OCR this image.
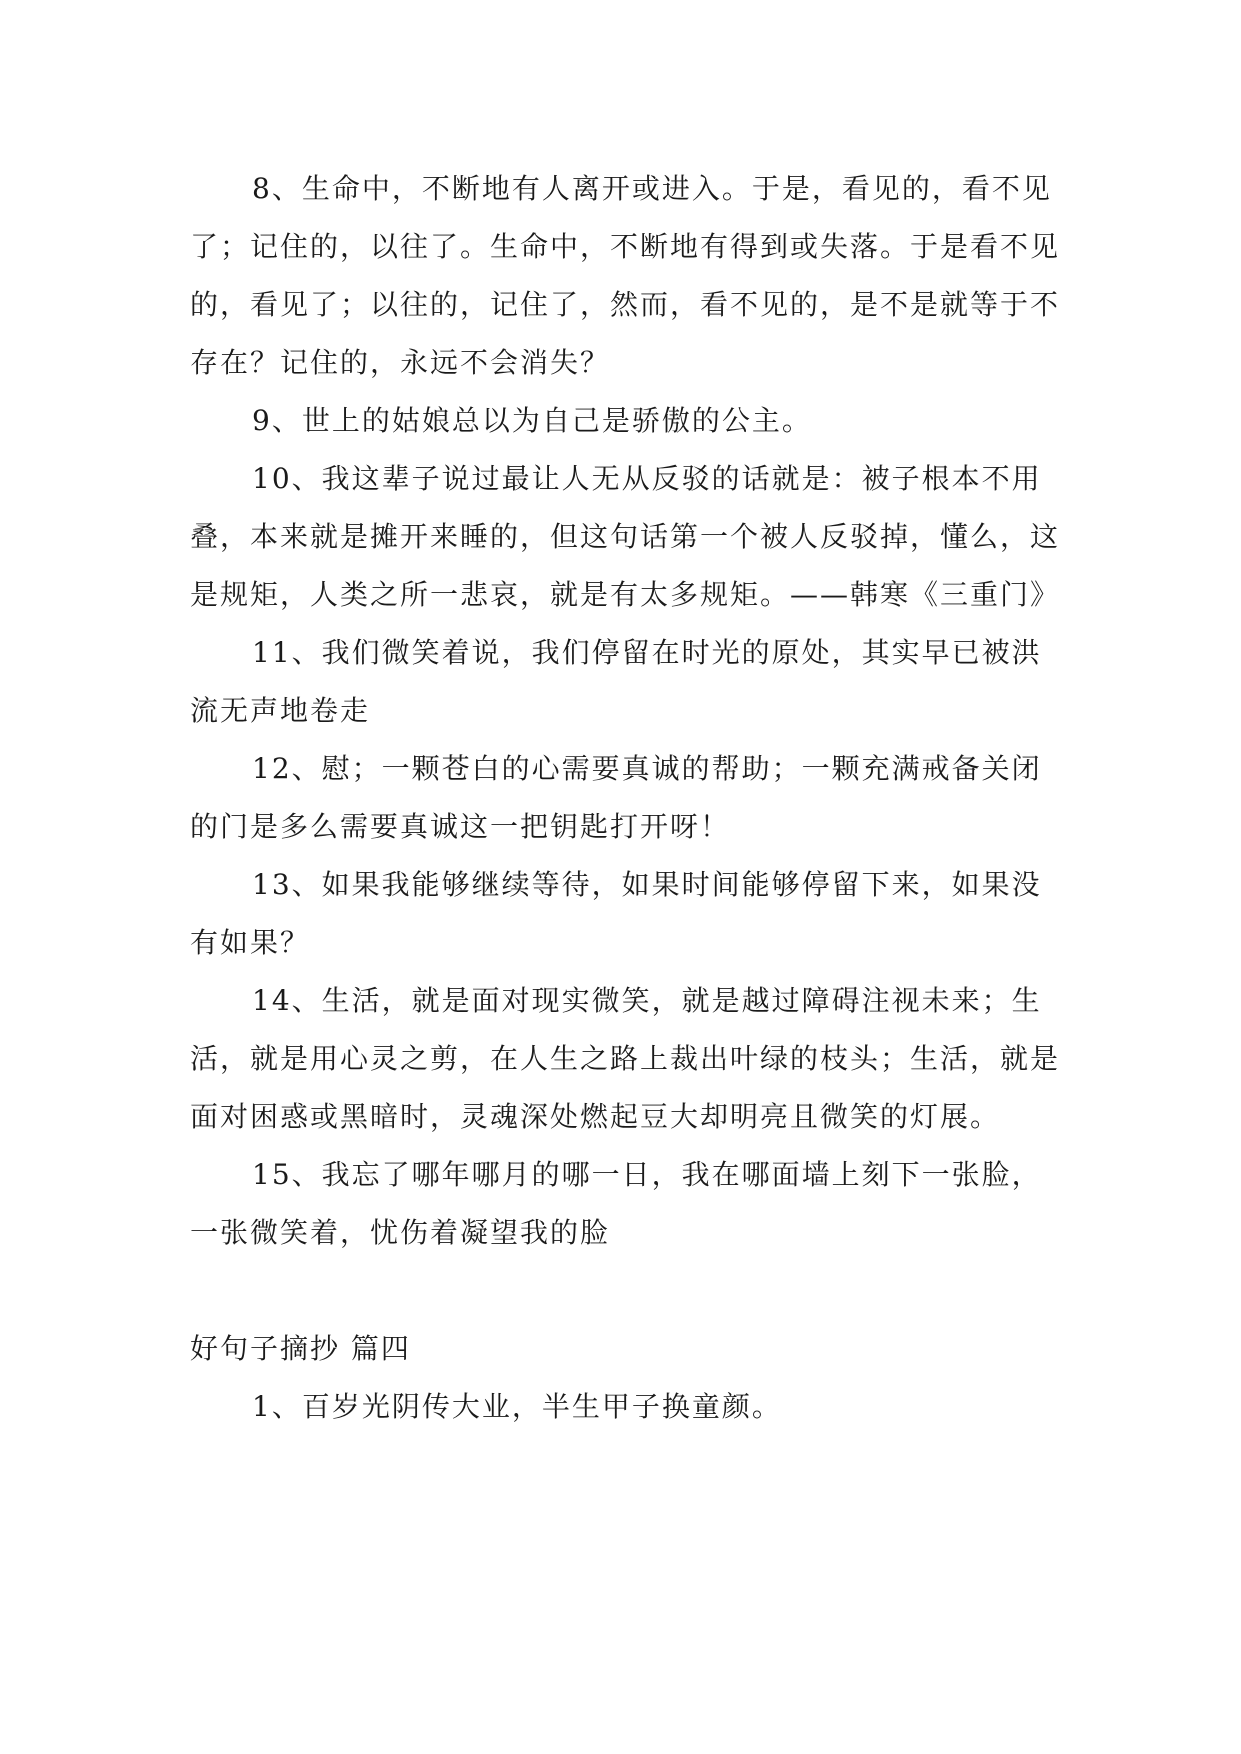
8、生命中，不断地有人离开或进入。于是，看见的，看不见了；记住的，以往了。生命中，不断地有得到或失落。于是看不见的，看见了；以往的，记住了，然而，看不见的，是不是就等于不存在？记住的，永远不会消失？

9、世上的姑娘总以为自己是骄傲的公主。

10、我这辈子说过最让人无从反驳的话就是：被子根本不用叠，本来就是摊开来睡的，但这句话第一个被人反驳掉，懂么，这是规矩，人类之所一悲哀，就是有太多规矩。——韩寒《三重门》

11、我们微笑着说，我们停留在时光的原处，其实早已被洪流无声地卷走

12、慰；一颗苍白的心需要真诚的帮助；一颗充满戒备关闭的门是多么需要真诚这一把钥匙打开呀！

13、如果我能够继续等待，如果时间能够停留下来，如果没有如果？

14、生活，就是面对现实微笑，就是越过障碍注视未来；生活，就是用心灵之剪，在人生之路上裁出叶绿的枝头；生活，就是面对困惑或黑暗时，灵魂深处燃起豆大却明亮且微笑的灯展。

15、我忘了哪年哪月的哪一日，我在哪面墙上刻下一张脸，一张微笑着，忧伤着凝望我的脸

好句子摘抄 篇四

1、百岁光阴传大业，半生甲子换童颜。
